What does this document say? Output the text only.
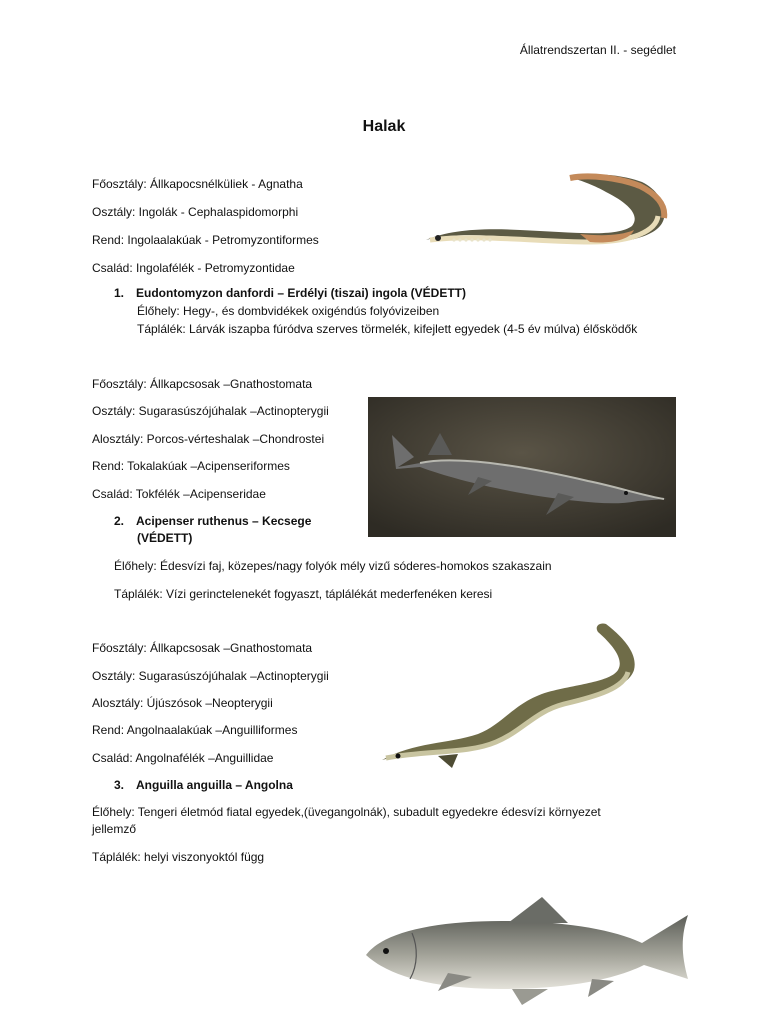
Állatrendszertan II. - segédlet
Halak
Főosztály: Állkapocsnélküliek - Agnatha
Osztály: Ingolák - Cephalaspidomorphi
Rend: Ingolaalakúak - Petromyzontiformes
Család: Ingolafélék - Petromyzontidae
1. Eudontomyzon danfordi – Erdélyi (tiszai) ingola (VÉDETT)
Élőhely: Hegy-, és dombvidékek oxigéndús folyóvizeiben
Táplálék: Lárvák iszapba fúródva szerves törmelék, kifejlett egyedek (4-5 év múlva) élősködők
Főosztály: Állkapcsosak –Gnathostomata
Osztály: Sugarasúszójúhalak –Actinopterygii
Alosztály: Porcos-vérteshalak –Chondrostei
Rend: Tokalakúak –Acipenseriformes
Család: Tokfélék –Acipenseridae
2. Acipenser ruthenus – Kecsege
(VÉDETT)
Élőhely: Édesvízi faj, közepes/nagy folyók mély vizű sóderes-homokos szakaszain
Táplálék: Vízi gerinctelenekét fogyaszt, táplálékát mederfenéken keresi
Főosztály: Állkapcsosak –Gnathostomata
Osztály: Sugarasúszójúhalak –Actinopterygii
Alosztály: Újúszósok –Neopterygii
Rend: Angolnaalakúak –Anguilliformes
Család: Angolnafélék –Anguillidae
3. Anguilla anguilla – Angolna
Élőhely: Tengeri életmód fiatal egyedek,(üvegangolnák), subadult egyedekre édesvízi környezet
jellemző
Táplálék: helyi viszonyoktól függ
